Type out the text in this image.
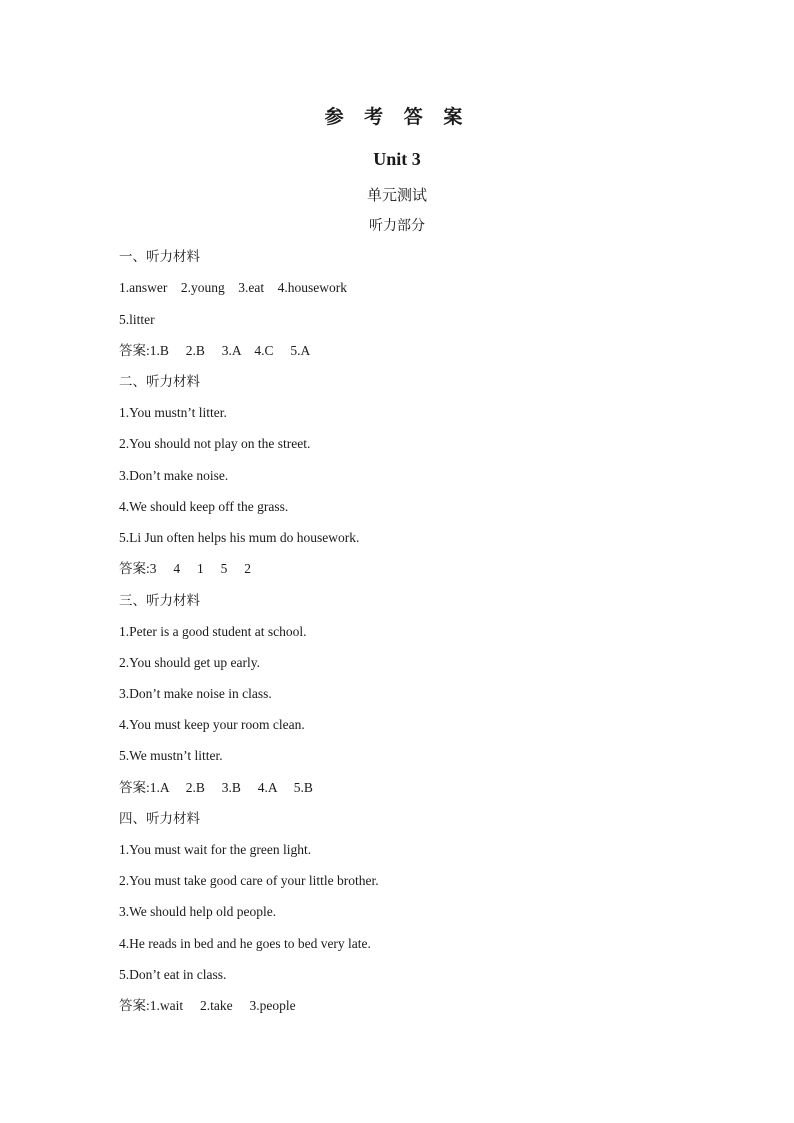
参 考 答 案
Unit 3
单元测试
听力部分
一、听力材料
1.answer    2.young    3.eat    4.housework
5.litter
答案:1.B     2.B     3.A    4.C     5.A
二、听力材料
1.You mustn’t litter.
2.You should not play on the street.
3.Don’t make noise.
4.We should keep off the grass.
5.Li Jun often helps his mum do housework.
答案:3     4     1     5     2
三、听力材料
1.Peter is a good student at school.
2.You should get up early.
3.Don’t make noise in class.
4.You must keep your room clean.
5.We mustn’t litter.
答案:1.A     2.B     3.B     4.A     5.B
四、听力材料
1.You must wait for the green light.
2.You must take good care of your little brother.
3.We should help old people.
4.He reads in bed and he goes to bed very late.
5.Don’t eat in class.
答案:1.wait     2.take     3.people
